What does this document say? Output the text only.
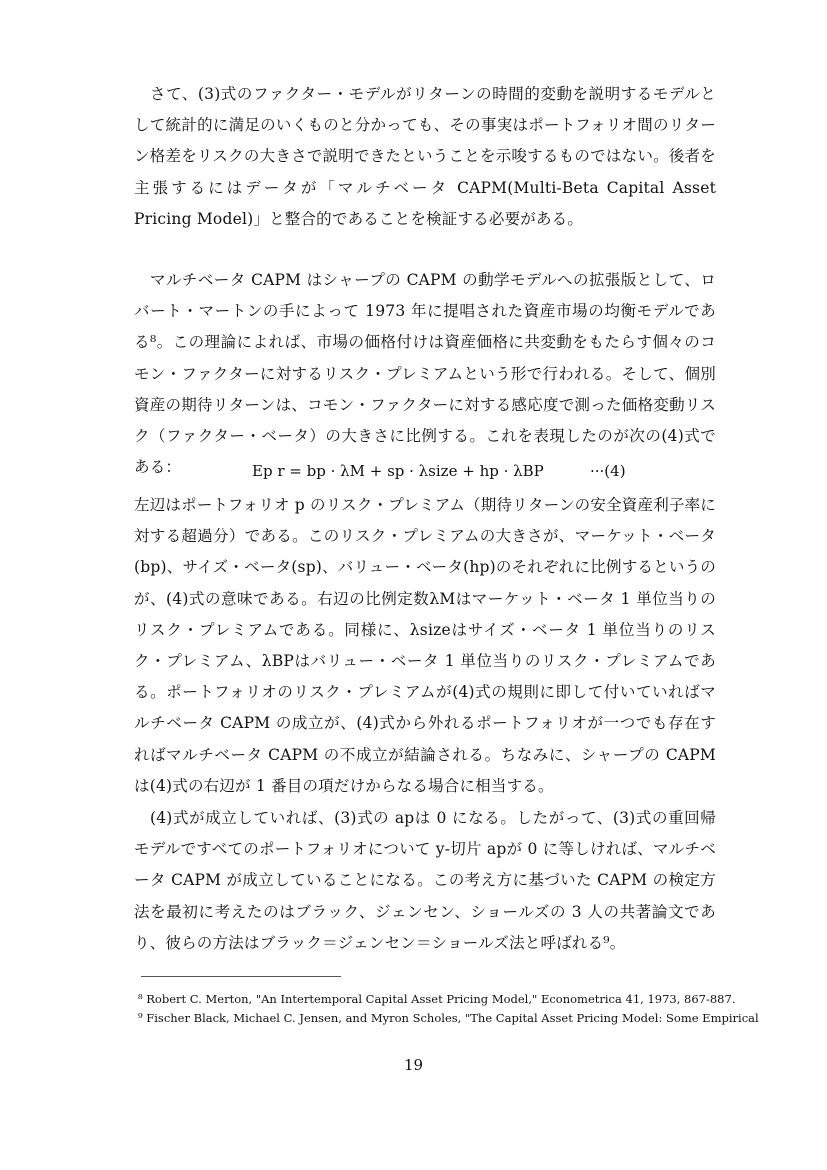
さて、(3)式のファクター・モデルがリターンの時間的変動を説明するモデルとして統計的に満足のいくものと分かっても、その事実はポートフォリオ間のリターン格差をリスクの大きさで説明できたということを示唆するものではない。後者を主張するにはデータが「マルチベータ CAPM(Multi-Beta Capital Asset Pricing Model)」と整合的であることを検証する必要がある。

マルチベータ CAPM はシャープの CAPM の動学モデルへの拡張版として、ロバート・マートンの手によって 1973 年に提唱された資産市場の均衡モデルである⁸。この理論によれば、市場の価格付けは資産価格に共変動をもたらす個々のコモン・ファクターに対するリスク・プレミアムという形で行われる。そして、個別資産の期待リターンは、コモン・ファクターに対する感応度で測った価格変動リスク（ファクター・ベータ）の大きさに比例する。これを表現したのが次の(4)式である：	Ep r = bp · λM + sp · λsize + hp · λBP	···(4)

左辺はポートフォリオ p のリスク・プレミアム（期待リターンの安全資産利子率に対する超過分）である。このリスク・プレミアムの大きさが、マーケット・ベータ (bp)、サイズ・ベータ(sp)、バリュー・ベータ(hp)のそれぞれに比例するというのが、(4)式の意味である。右辺の比例定数λMはマーケット・ベータ 1 単位当りのリスク・プレミアムである。同様に、λsizeはサイズ・ベータ 1 単位当りのリスク・プレミアム、λBPはバリュー・ベータ 1 単位当りのリスク・プレミアムである。ポートフォリオのリスク・プレミアムが(4)式の規則に即して付いていればマルチベータ CAPM の成立が、(4)式から外れるポートフォリオが一つでも存在すればマルチベータ CAPM の不成立が結論される。ちなみに、シャープの CAPM は(4)式の右辺が 1 番目の項だけからなる場合に相当する。

(4)式が成立していれば、(3)式の apは 0 になる。したがって、(3)式の重回帰モデルですべてのポートフォリオについて y-切片 apが 0 に等しければ、マルチベータ CAPM が成立していることになる。この考え方に基づいた CAPM の検定方法を最初に考えたのはブラック、ジェンセン、ショールズの 3 人の共著論文であり、彼らの方法はブラック＝ジェンセン＝ショールズ法と呼ばれる⁹。

⁸ Robert C. Merton, "An Intertemporal Capital Asset Pricing Model," Econometrica 41, 1973, 867-887.
⁹ Fischer Black, Michael C. Jensen, and Myron Scholes, "The Capital Asset Pricing Model: Some Empirical
19
